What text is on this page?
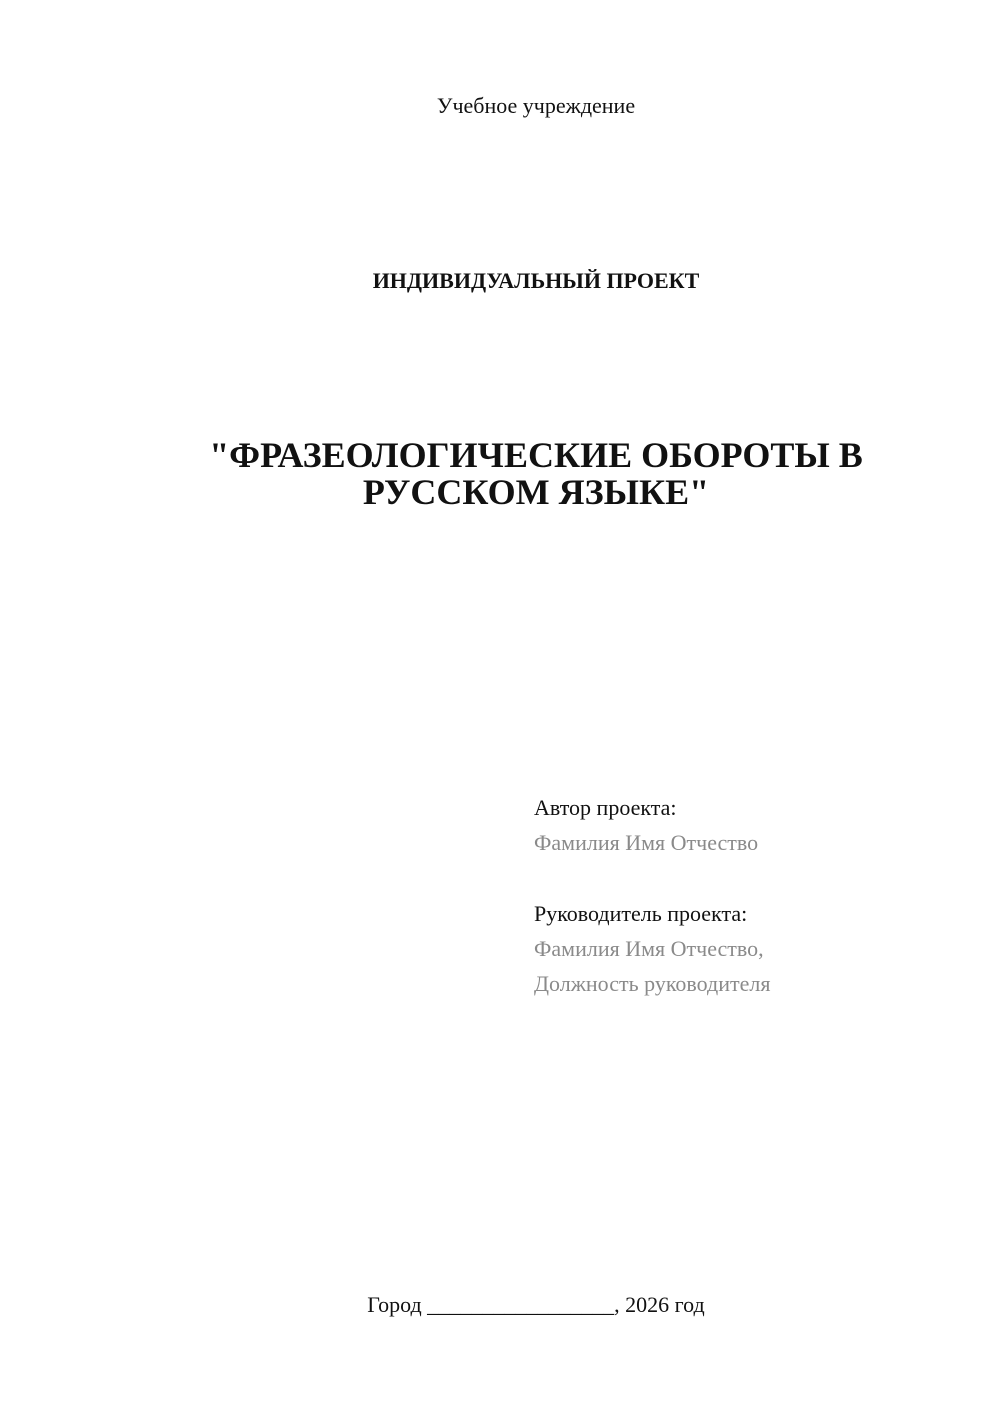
Учебное учреждение
ИНДИВИДУАЛЬНЫЙ ПРОЕКТ
"ФРАЗЕОЛОГИЧЕСКИЕ ОБОРОТЫ В
РУССКОМ ЯЗЫКЕ"
Автор проекта:
Фамилия Имя Отчество
Руководитель проекта:
Фамилия Имя Отчество,
Должность руководителя
Город _________________, 2026 год
